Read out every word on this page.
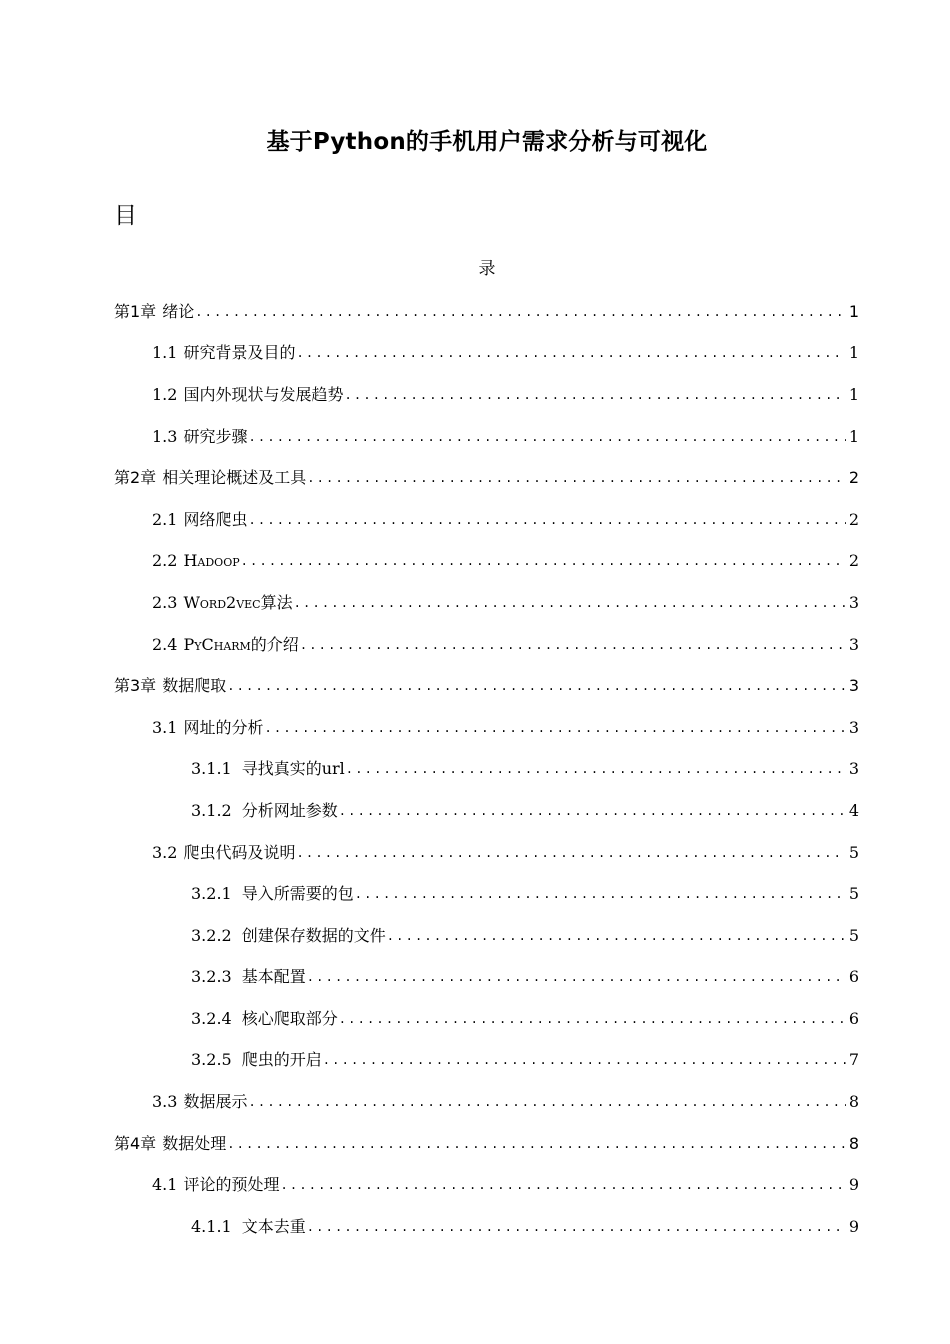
基于Python的手机用户需求分析与可视化
目
录
第1章 绪论 .....	1
1.1 研究背景及目的 .....	1
1.2 国内外现状与发展趋势 .....	1
1.3 研究步骤 .....	1
第2章 相关理论概述及工具 .....	2
2.1 网络爬虫 .....	2
2.2 Hadoop .....	2
2.3 Word2vec算法 .....	3
2.4 PyCharm的介绍 .....	3
第3章 数据爬取 .....	3
3.1 网址的分析 .....	3
3.1.1 寻找真实的url .....	3
3.1.2 分析网址参数 .....	4
3.2 爬虫代码及说明 .....	5
3.2.1 导入所需要的包 .....	5
3.2.2 创建保存数据的文件 .....	5
3.2.3 基本配置 .....	6
3.2.4 核心爬取部分 .....	6
3.2.5 爬虫的开启 .....	7
3.3 数据展示 .....	8
第4章 数据处理 .....	8
4.1 评论的预处理 .....	9
4.1.1 文本去重 .....	9
